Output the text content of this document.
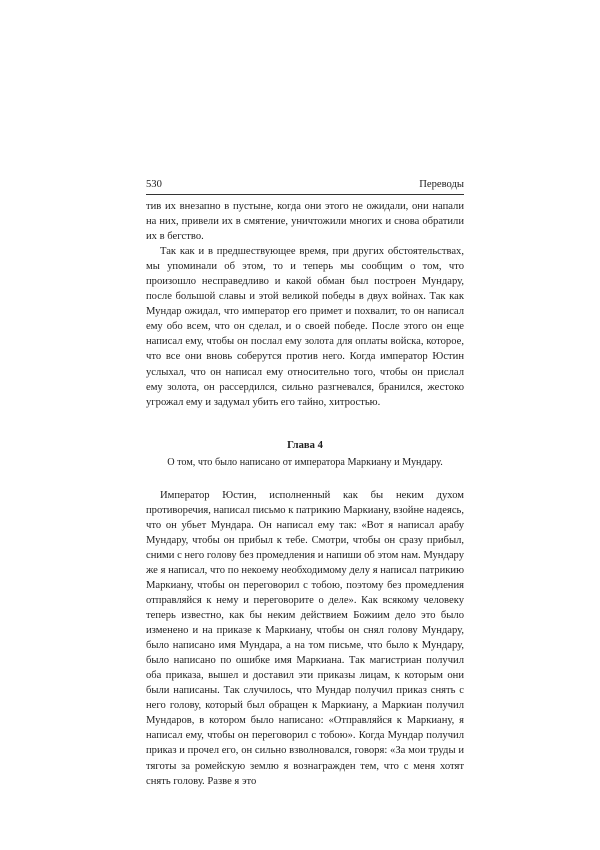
530	Переводы

тив их внезапно в пустыне, когда они этого не ожидали, они напали на них, привели их в смятение, уничтожили многих и снова обратили их в бегство.

Так как и в предшествующее время, при других обстоятельствах, мы упоминали об этом, то и теперь мы сообщим о том, что произошло несправедливо и какой обман был построен Мундару, после большой славы и этой великой победы в двух войнах. Так как Мундар ожидал, что император его примет и похвалит, то он написал ему обо всем, что он сделал, и о своей победе. После этого он еще написал ему, чтобы он послал ему золота для оплаты войска, которое, что все они вновь соберутся против него. Когда император Юстин услыхал, что он написал ему относительно того, чтобы он прислал ему золота, он рассердился, сильно разгневался, бранился, жестоко угрожал ему и задумал убить его тайно, хитростью.

Глава 4
О том, что было написано от императора Маркиану и Мундару.

Император Юстин, исполненный как бы неким духом противоречия, написал письмо к патрикию Маркиану, взойне надеясь, что он убьет Мундара. Он написал ему так: «Вот я написал арабу Мундару, чтобы он прибыл к тебе. Смотри, чтобы он сразу прибыл, сними с него голову без промедления и напиши об этом нам. Мундару же я написал, что по некоему необходимому делу я написал патрикию Маркиану, чтобы он переговорил с тобою, поэтому без промедления отправляйся к нему и переговорите о деле». Как всякому человеку теперь известно, как бы неким действием Божиим дело это было изменено и на приказе к Маркиану, чтобы он снял голову Мундару, было написано имя Мундара, а на том письме, что было к Мундару, было написано по ошибке имя Маркиана. Так магистриан получил оба приказа, вышел и доставил эти приказы лицам, к которым они были написаны. Так случилось, что Мундар получил приказ снять с него голову, который был обращен к Маркиану, а Маркиан получил Мундаров, в котором было написано: «Отправляйся к Маркиану, я написал ему, чтобы он переговорил с тобою». Когда Мундар получил приказ и прочел его, он сильно взволновался, говоря: «За мои труды и тяготы за ромейскую землю я вознагражден тем, что с меня хотят снять голову. Разве я это
